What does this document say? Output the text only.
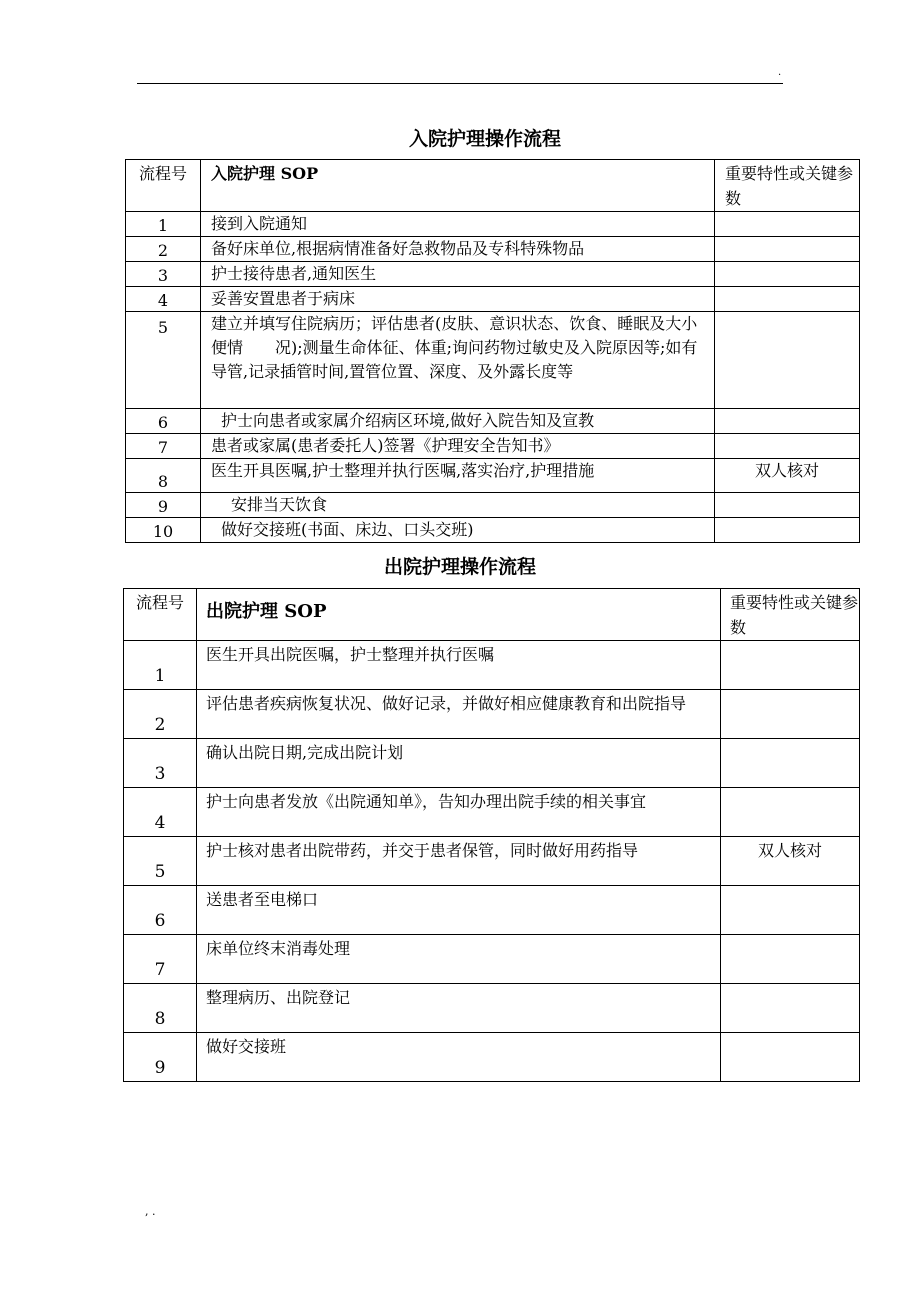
.
入院护理操作流程
流程号	入院护理 SOP	重要特性或关键参数
1	接到入院通知	
2	备好床单位,根据病情准备好急救物品及专科特殊物品	
3	护士接待患者,通知医生	
4	妥善安置患者于病床	
5	建立并填写住院病历；评估患者(皮肤、意识状态、饮食、睡眠及大小便情　　况);测量生命体征、体重;询问药物过敏史及入院原因等;如有导管,记录插管时间,置管位置、深度、及外露长度等	
6	护士向患者或家属介绍病区环境,做好入院告知及宣教	
7	患者或家属(患者委托人)签署《护理安全告知书》	
8	医生开具医嘱,护士整理并执行医嘱,落实治疗,护理措施	双人核对
9	安排当天饮食	
10	做好交接班(书面、床边、口头交班)	
出院护理操作流程
流程号	出院护理 SOP	重要特性或关键参数
1	医生开具出院医嘱，护士整理并执行医嘱	
2	评估患者疾病恢复状况、做好记录，并做好相应健康教育和出院指导	
3	确认出院日期,完成出院计划	
4	护士向患者发放《出院通知单》，告知办理出院手续的相关事宜	
5	护士核对患者出院带药，并交于患者保管，同时做好用药指导	双人核对
6	送患者至电梯口	
7	床单位终末消毒处理	
8	整理病历、出院登记	
9	做好交接班	
, .
